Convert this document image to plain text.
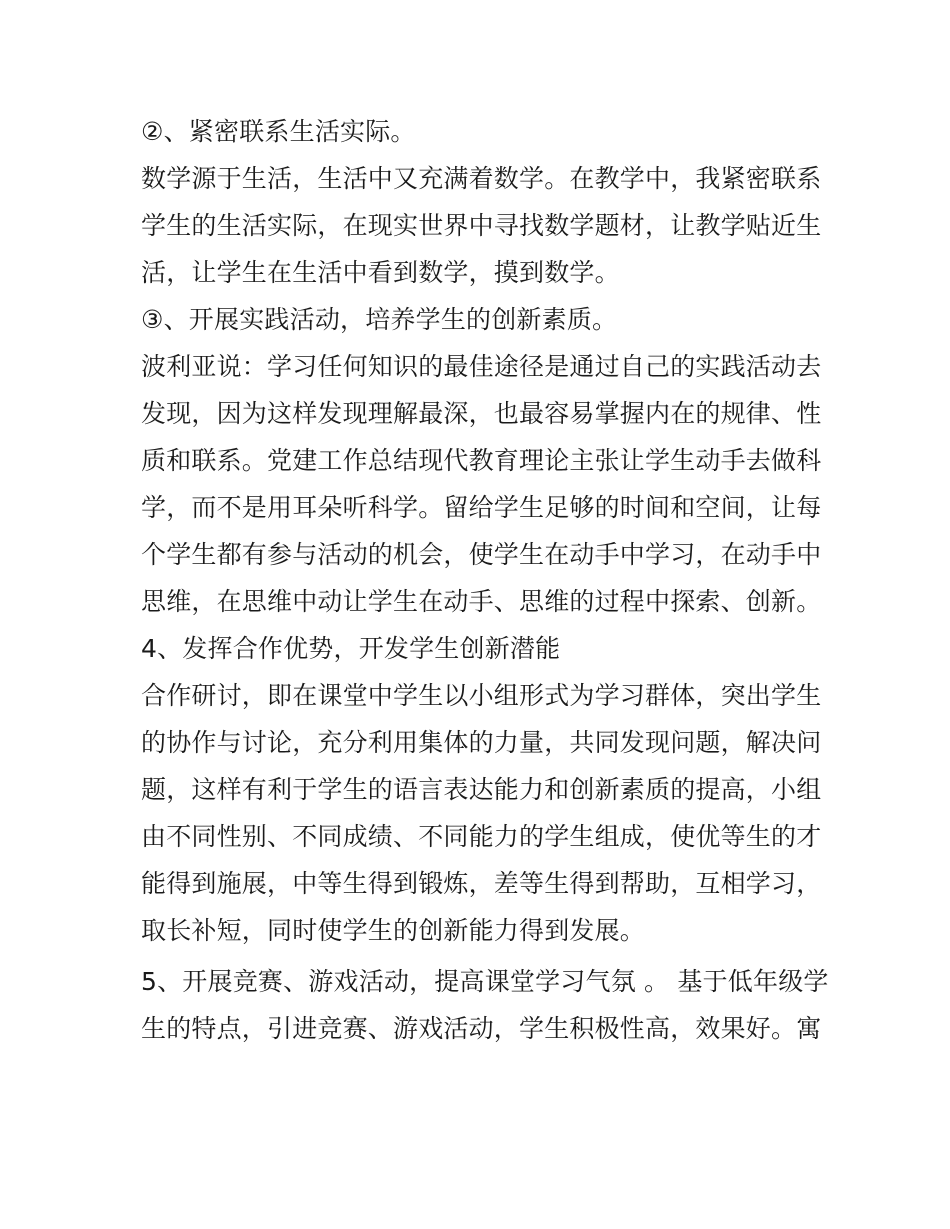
②、紧密联系生活实际。
数学源于生活，生活中又充满着数学。在教学中，我紧密联系
学生的生活实际，在现实世界中寻找数学题材，让教学贴近生
活，让学生在生活中看到数学，摸到数学。
③、开展实践活动，培养学生的创新素质。
波利亚说：学习任何知识的最佳途径是通过自己的实践活动去
发现，因为这样发现理解最深，也最容易掌握内在的规律、性
质和联系。党建工作总结现代教育理论主张让学生动手去做科
学，而不是用耳朵听科学。留给学生足够的时间和空间，让每
个学生都有参与活动的机会，使学生在动手中学习，在动手中
思维，在思维中动让学生在动手、思维的过程中探索、创新。
4、发挥合作优势，开发学生创新潜能
合作研讨，即在课堂中学生以小组形式为学习群体，突出学生
的协作与讨论，充分利用集体的力量，共同发现问题，解决问
题，这样有利于学生的语言表达能力和创新素质的提高，小组
由不同性别、不同成绩、不同能力的学生组成，使优等生的才
能得到施展，中等生得到锻炼，差等生得到帮助，互相学习，
取长补短，同时使学生的创新能力得到发展。
5、开展竞赛、游戏活动，提高课堂学习气氛 。 基于低年级学
生的特点，引进竞赛、游戏活动，学生积极性高，效果好。寓
